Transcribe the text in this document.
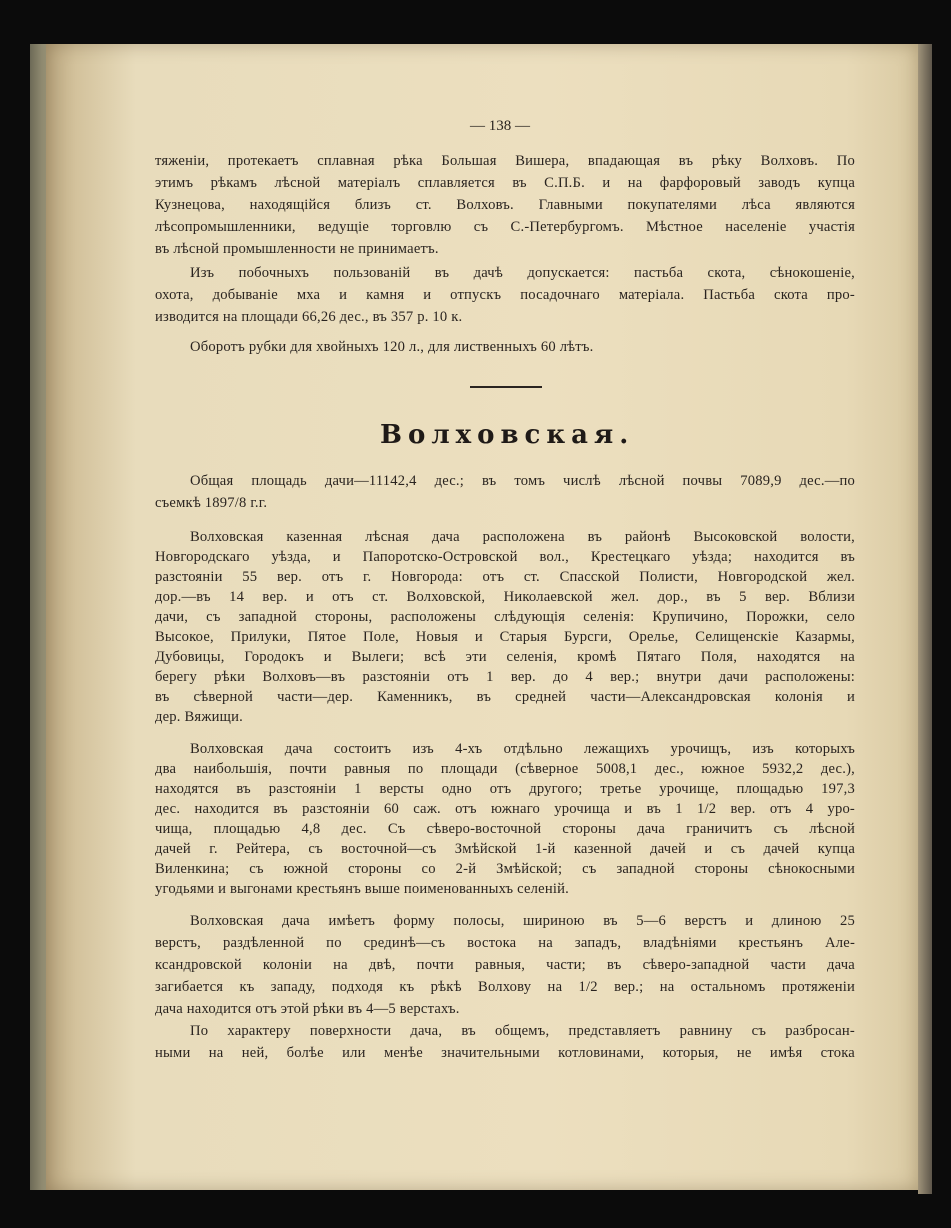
— 138 —
тяженіи, протекаетъ сплавная рѣка Большая Вишера, впадающая въ рѣку Волховъ. По
этимъ рѣкамъ лѣсной матеріалъ сплавляется въ С.П.Б. и на фарфоровый заводъ купца
Кузнецова, находящійся близъ ст. Волховъ. Главными покупателями лѣса являются
лѣсопромышленники, ведущіе торговлю съ С.-Петербургомъ. Мѣстное населеніе участія
въ лѣсной промышленности не принимаетъ.
Изъ побочныхъ пользованій въ дачѣ допускается: пастьба скота, сѣнокошеніе,
охота, добываніе мха и камня и отпускъ посадочнаго матеріала. Пастьба скота про-
изводится на площади 66,26 дес., въ 357 р. 10 к.
Оборотъ рубки для хвойныхъ 120 л., для лиственныхъ 60 лѣтъ.
Волховская.
Общая площадь дачи—11142,4 дес.; въ томъ числѣ лѣсной почвы 7089,9 дес.—по
съемкѣ 1897/8 г.г.
Волховская казенная лѣсная дача расположена въ районѣ Высоковской волости,
Новгородскаго уѣзда, и Папоротско-Островской вол., Крестецкаго уѣзда; находится въ
разстояніи 55 вер. отъ г. Новгорода: отъ ст. Спасской Полисти, Новгородской жел.
дор.—въ 14 вер. и отъ ст. Волховской, Николаевской жел. дор., въ 5 вер. Вблизи
дачи, съ западной стороны, расположены слѣдующія селенія: Крупичино, Порожки, село
Высокое, Прилуки, Пятое Поле, Новыя и Старыя Бурсги, Орелье, Селищенскіе Казармы,
Дубовицы, Городокъ и Вылеги; всѣ эти селенія, кромѣ Пятаго Поля, находятся на
берегу рѣки Волховъ—въ разстояніи отъ 1 вер. до 4 вер.; внутри дачи расположены:
въ сѣверной части—дер. Каменникъ, въ средней части—Александровская колонія и
дер. Вяжищи.
Волховская дача состоитъ изъ 4-хъ отдѣльно лежащихъ урочищъ, изъ которыхъ
два наибольшія, почти равныя по площади (сѣверное 5008,1 дес., южное 5932,2 дес.),
находятся въ разстояніи 1 версты одно отъ другого; третье урочище, площадью 197,3
дес. находится въ разстояніи 60 саж. отъ южнаго урочища и въ 1 1/2 вер. отъ 4 уро-
чища, площадью 4,8 дес. Съ сѣверо-восточной стороны дача граничитъ съ лѣсной
дачей г. Рейтера, съ восточной—съ Змѣйской 1-й казенной дачей и съ дачей купца
Виленкина; съ южной стороны со 2-й Змѣйской; съ западной стороны сѣнокосными
угодьями и выгонами крестьянъ выше поименованныхъ селеній.
Волховская дача имѣетъ форму полосы, шириною въ 5—6 верстъ и длиною 25
верстъ, раздѣленной по срединѣ—съ востока на западъ, владѣніями крестьянъ Але-
ксандровской колоніи на двѣ, почти равныя, части; въ сѣверо-западной части дача
загибается къ западу, подходя къ рѣкѣ Волхову на 1/2 вер.; на остальномъ протяженіи
дача находится отъ этой рѣки въ 4—5 верстахъ.
По характеру поверхности дача, въ общемъ, представляетъ равнину съ разбросан-
ными на ней, болѣе или менѣе значительными котловинами, которыя, не имѣя стока
